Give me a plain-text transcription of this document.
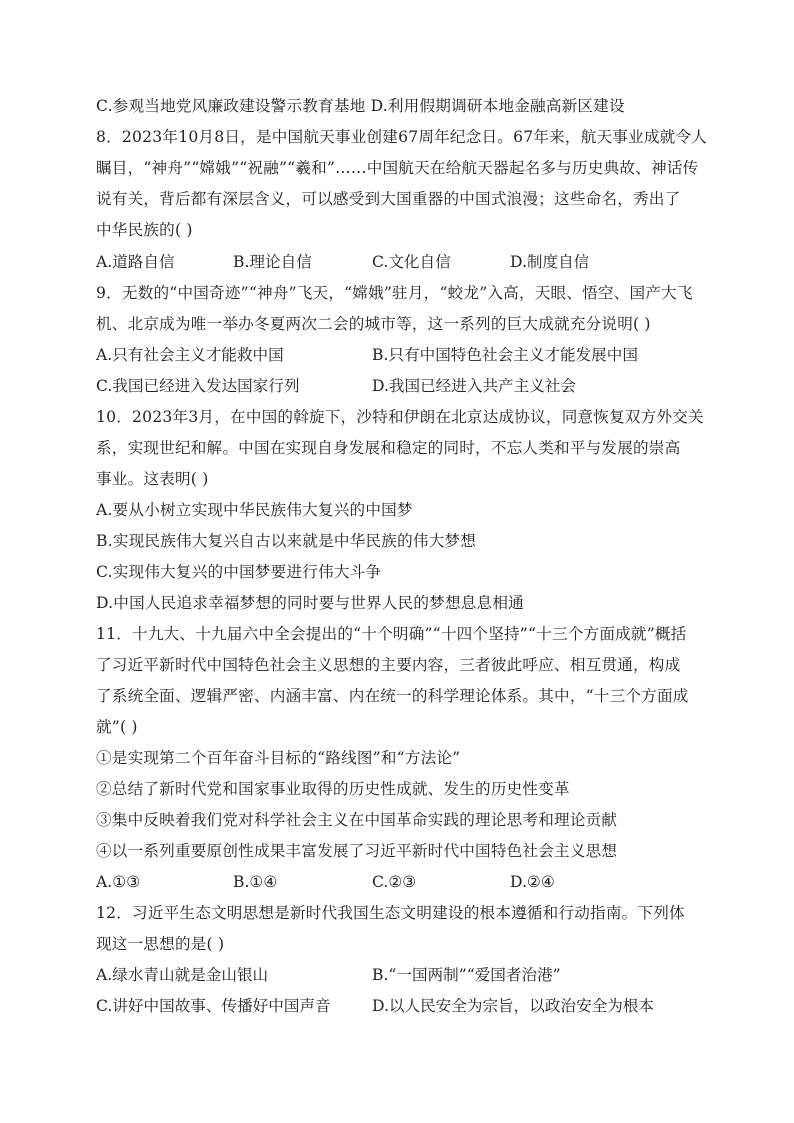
C.参观当地党风廉政建设警示教育基地 D.利用假期调研本地金融高新区建设
8．2023年10月8日，是中国航天事业创建67周年纪念日。67年来，航天事业成就令人
瞩目，“神舟”“嫦娥”“祝融”“羲和”……中国航天在给航天器起名多与历史典故、神话传
说有关，背后都有深层含义，可以感受到大国重器的中国式浪漫；这些命名，秀出了
中华民族的( )
A.道路自信	B.理论自信	C.文化自信	D.制度自信
9．无数的“中国奇迹”“神舟”飞天，“嫦娥”驻月，“蛟龙”入高，天眼、悟空、国产大飞
机、北京成为唯一举办冬夏两次二会的城市等，这一系列的巨大成就充分说明( )
A.只有社会主义才能救中国	B.只有中国特色社会主义才能发展中国
C.我国已经进入发达国家行列	D.我国已经进入共产主义社会
10．2023年3月，在中国的斡旋下，沙特和伊朗在北京达成协议，同意恢复双方外交关
系，实现世纪和解。中国在实现自身发展和稳定的同时，不忘人类和平与发展的崇高
事业。这表明( )
A.要从小树立实现中华民族伟大复兴的中国梦
B.实现民族伟大复兴自古以来就是中华民族的伟大梦想
C.实现伟大复兴的中国梦要进行伟大斗争
D.中国人民追求幸福梦想的同时要与世界人民的梦想息息相通
11．十九大、十九届六中全会提出的“十个明确”“十四个坚持”“十三个方面成就”概括
了习近平新时代中国特色社会主义思想的主要内容，三者彼此呼应、相互贯通，构成
了系统全面、逻辑严密、内涵丰富、内在统一的科学理论体系。其中，“十三个方面成
就”( )
①是实现第二个百年奋斗目标的“路线图”和“方法论”
②总结了新时代党和国家事业取得的历史性成就、发生的历史性变革
③集中反映着我们党对科学社会主义在中国革命实践的理论思考和理论贡献
④以一系列重要原创性成果丰富发展了习近平新时代中国特色社会主义思想
A.①③	B.①④	C.②③	D.②④
12．习近平生态文明思想是新时代我国生态文明建设的根本遵循和行动指南。下列体
现这一思想的是( )
A.绿水青山就是金山银山	B.“一国两制”“爱国者治港”
C.讲好中国故事、传播好中国声音	D.以人民安全为宗旨，以政治安全为根本
